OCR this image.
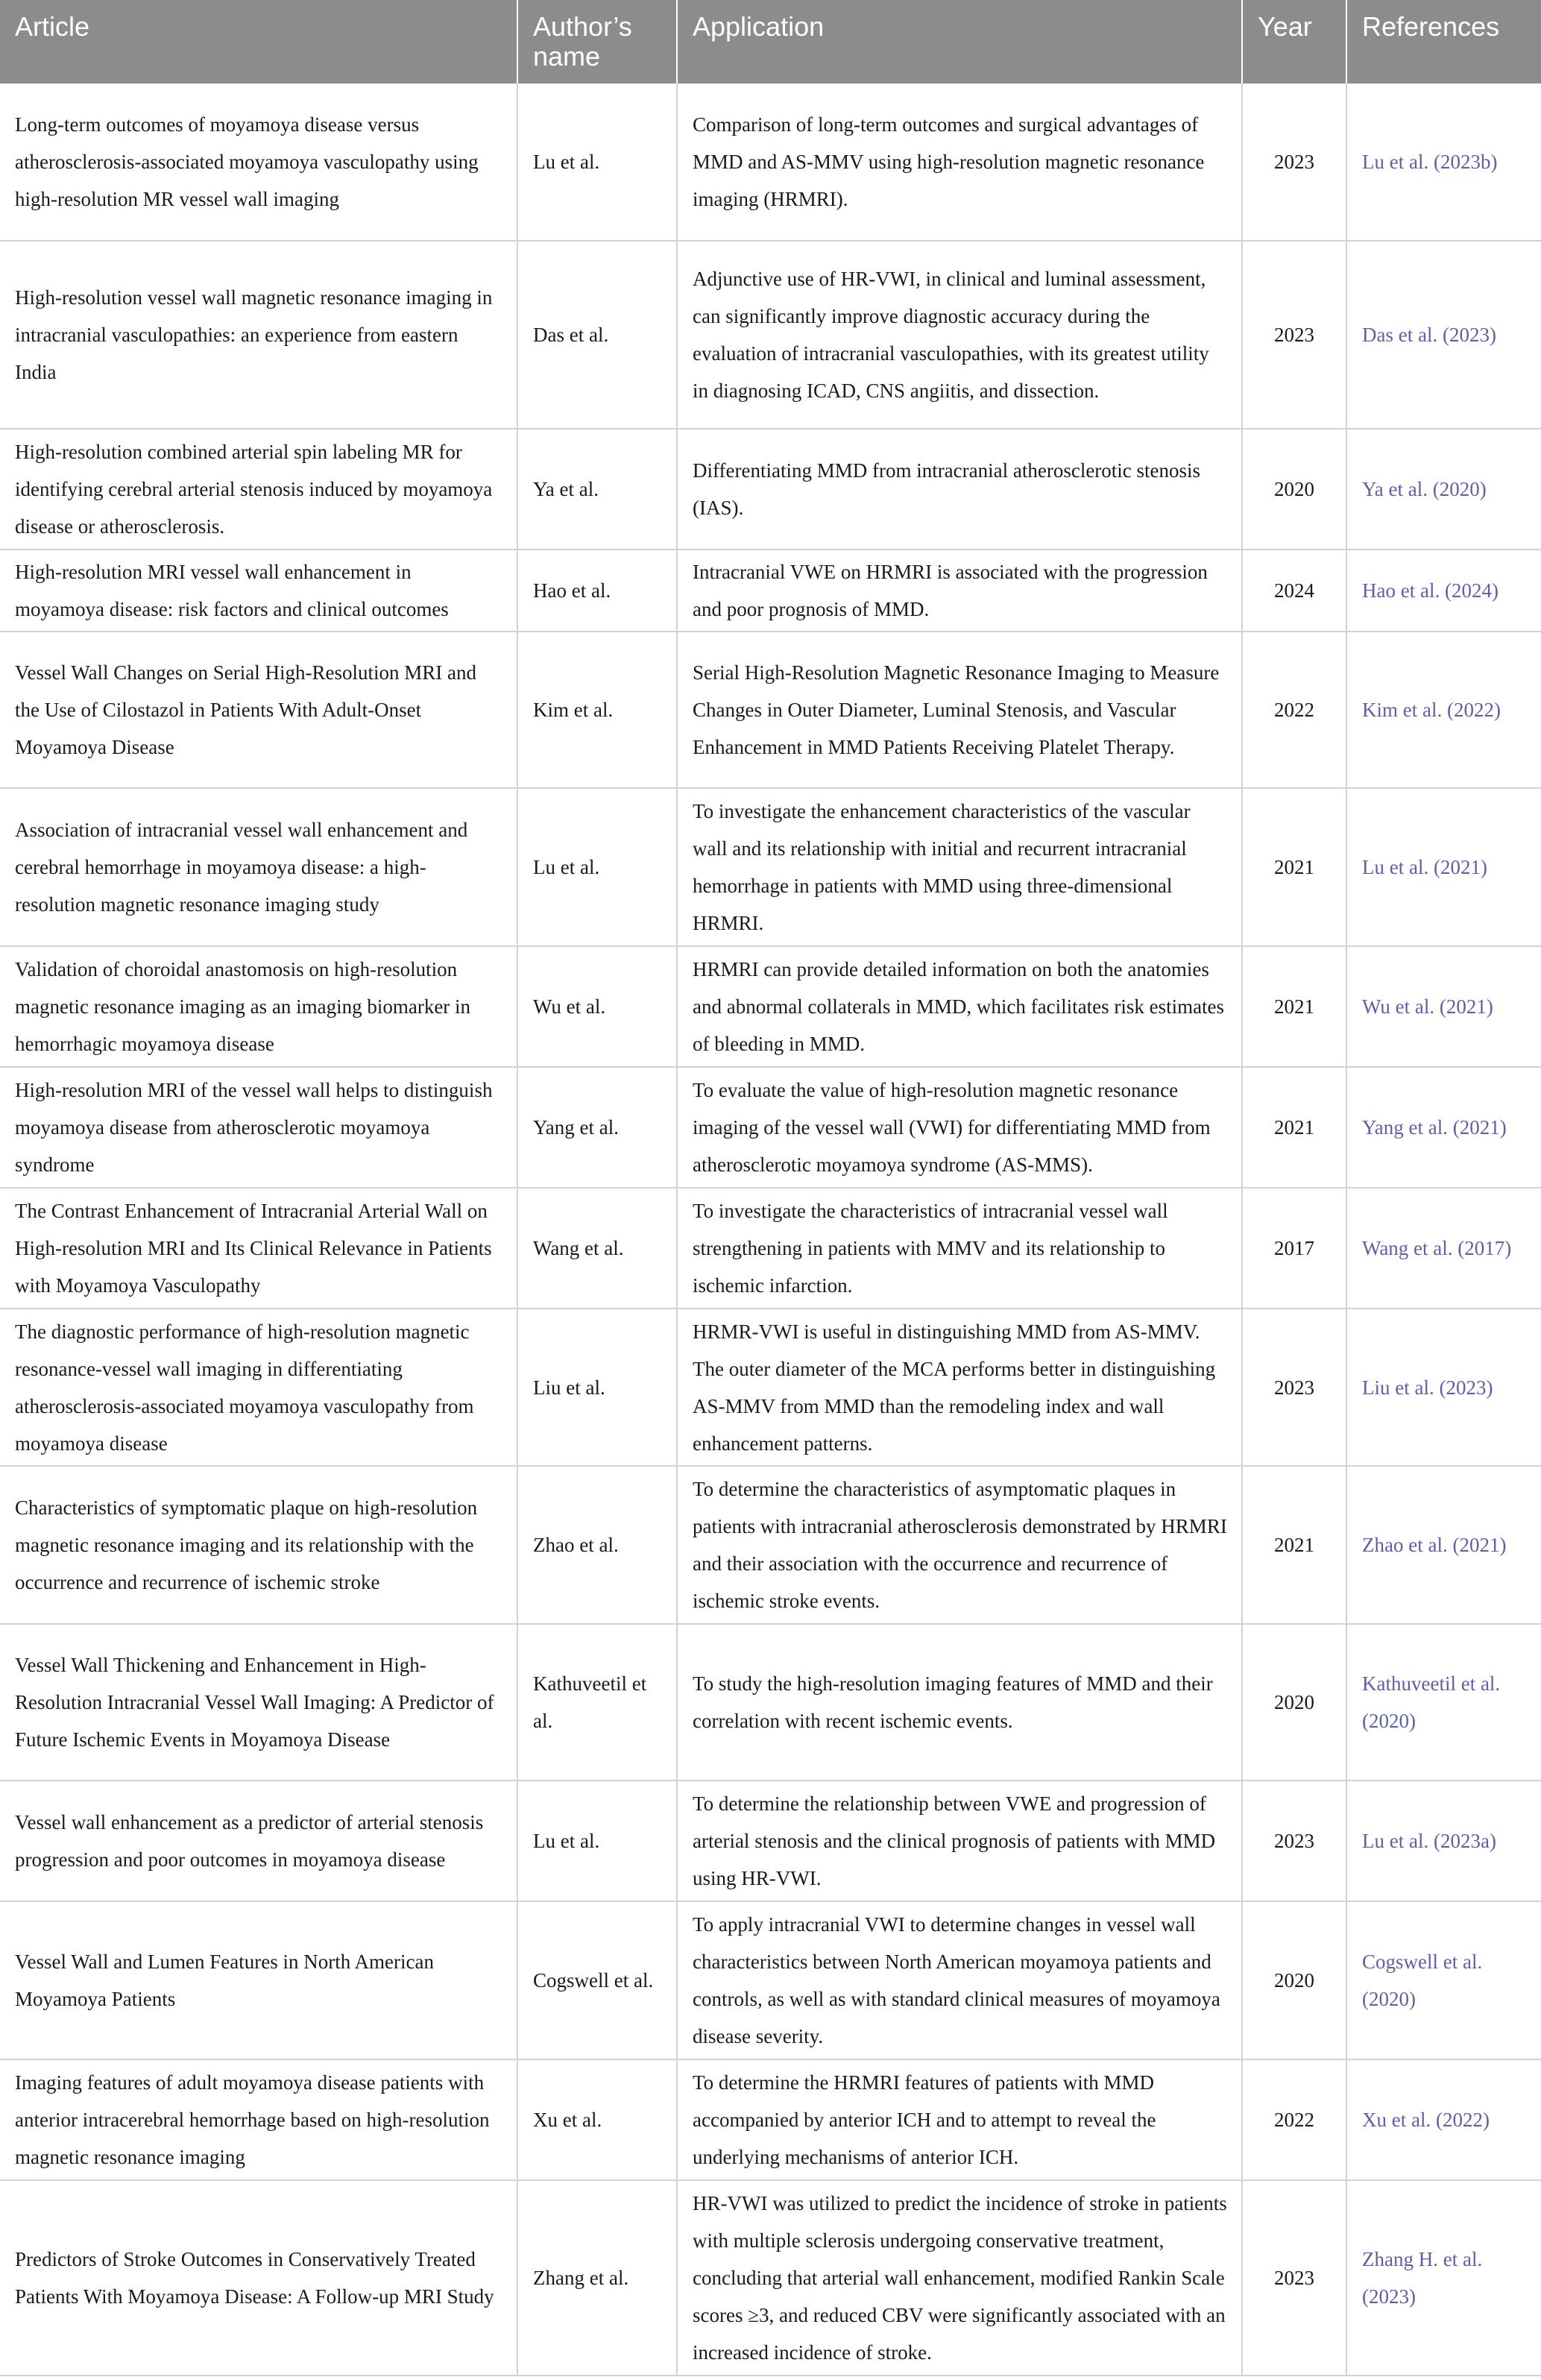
Article	Author’s name	Application	Year	References
Long-term outcomes of moyamoya disease versus atherosclerosis-associated moyamoya vasculopathy using high-resolution MR vessel wall imaging	Lu et al.	Comparison of long-term outcomes and surgical advantages of MMD and AS-MMV using high-resolution magnetic resonance imaging (HRMRI).	2023	Lu et al. (2023b)
High-resolution vessel wall magnetic resonance imaging in intracranial vasculopathies: an experience from eastern India	Das et al.	Adjunctive use of HR-VWI, in clinical and luminal assessment, can significantly improve diagnostic accuracy during the evaluation of intracranial vasculopathies, with its greatest utility in diagnosing ICAD, CNS angiitis, and dissection.	2023	Das et al. (2023)
High-resolution combined arterial spin labeling MR for identifying cerebral arterial stenosis induced by moyamoya disease or atherosclerosis.	Ya et al.	Differentiating MMD from intracranial atherosclerotic stenosis (IAS).	2020	Ya et al. (2020)
High-resolution MRI vessel wall enhancement in moyamoya disease: risk factors and clinical outcomes	Hao et al.	Intracranial VWE on HRMRI is associated with the progression and poor prognosis of MMD.	2024	Hao et al. (2024)
Vessel Wall Changes on Serial High-Resolution MRI and the Use of Cilostazol in Patients With Adult-Onset Moyamoya Disease	Kim et al.	Serial High-Resolution Magnetic Resonance Imaging to Measure Changes in Outer Diameter, Luminal Stenosis, and Vascular Enhancement in MMD Patients Receiving Platelet Therapy.	2022	Kim et al. (2022)
Association of intracranial vessel wall enhancement and cerebral hemorrhage in moyamoya disease: a high-resolution magnetic resonance imaging study	Lu et al.	To investigate the enhancement characteristics of the vascular wall and its relationship with initial and recurrent intracranial hemorrhage in patients with MMD using three-dimensional HRMRI.	2021	Lu et al. (2021)
Validation of choroidal anastomosis on high-resolution magnetic resonance imaging as an imaging biomarker in hemorrhagic moyamoya disease	Wu et al.	HRMRI can provide detailed information on both the anatomies and abnormal collaterals in MMD, which facilitates risk estimates of bleeding in MMD.	2021	Wu et al. (2021)
High-resolution MRI of the vessel wall helps to distinguish moyamoya disease from atherosclerotic moyamoya syndrome	Yang et al.	To evaluate the value of high-resolution magnetic resonance imaging of the vessel wall (VWI) for differentiating MMD from atherosclerotic moyamoya syndrome (AS-MMS).	2021	Yang et al. (2021)
The Contrast Enhancement of Intracranial Arterial Wall on High-resolution MRI and Its Clinical Relevance in Patients with Moyamoya Vasculopathy	Wang et al.	To investigate the characteristics of intracranial vessel wall strengthening in patients with MMV and its relationship to ischemic infarction.	2017	Wang et al. (2017)
The diagnostic performance of high-resolution magnetic resonance-vessel wall imaging in differentiating atherosclerosis-associated moyamoya vasculopathy from moyamoya disease	Liu et al.	HRMR-VWI is useful in distinguishing MMD from AS-MMV. The outer diameter of the MCA performs better in distinguishing AS-MMV from MMD than the remodeling index and wall enhancement patterns.	2023	Liu et al. (2023)
Characteristics of symptomatic plaque on high-resolution magnetic resonance imaging and its relationship with the occurrence and recurrence of ischemic stroke	Zhao et al.	To determine the characteristics of asymptomatic plaques in patients with intracranial atherosclerosis demonstrated by HRMRI and their association with the occurrence and recurrence of ischemic stroke events.	2021	Zhao et al. (2021)
Vessel Wall Thickening and Enhancement in High-Resolution Intracranial Vessel Wall Imaging: A Predictor of Future Ischemic Events in Moyamoya Disease	Kathuveetil et al.	To study the high-resolution imaging features of MMD and their correlation with recent ischemic events.	2020	Kathuveetil et al. (2020)
Vessel wall enhancement as a predictor of arterial stenosis progression and poor outcomes in moyamoya disease	Lu et al.	To determine the relationship between VWE and progression of arterial stenosis and the clinical prognosis of patients with MMD using HR-VWI.	2023	Lu et al. (2023a)
Vessel Wall and Lumen Features in North American Moyamoya Patients	Cogswell et al.	To apply intracranial VWI to determine changes in vessel wall characteristics between North American moyamoya patients and controls, as well as with standard clinical measures of moyamoya disease severity.	2020	Cogswell et al. (2020)
Imaging features of adult moyamoya disease patients with anterior intracerebral hemorrhage based on high-resolution magnetic resonance imaging	Xu et al.	To determine the HRMRI features of patients with MMD accompanied by anterior ICH and to attempt to reveal the underlying mechanisms of anterior ICH.	2022	Xu et al. (2022)
Predictors of Stroke Outcomes in Conservatively Treated Patients With Moyamoya Disease: A Follow-up MRI Study	Zhang et al.	HR-VWI was utilized to predict the incidence of stroke in patients with multiple sclerosis undergoing conservative treatment, concluding that arterial wall enhancement, modified Rankin Scale scores ≥3, and reduced CBV were significantly associated with an increased incidence of stroke.	2023	Zhang H. et al. (2023)
